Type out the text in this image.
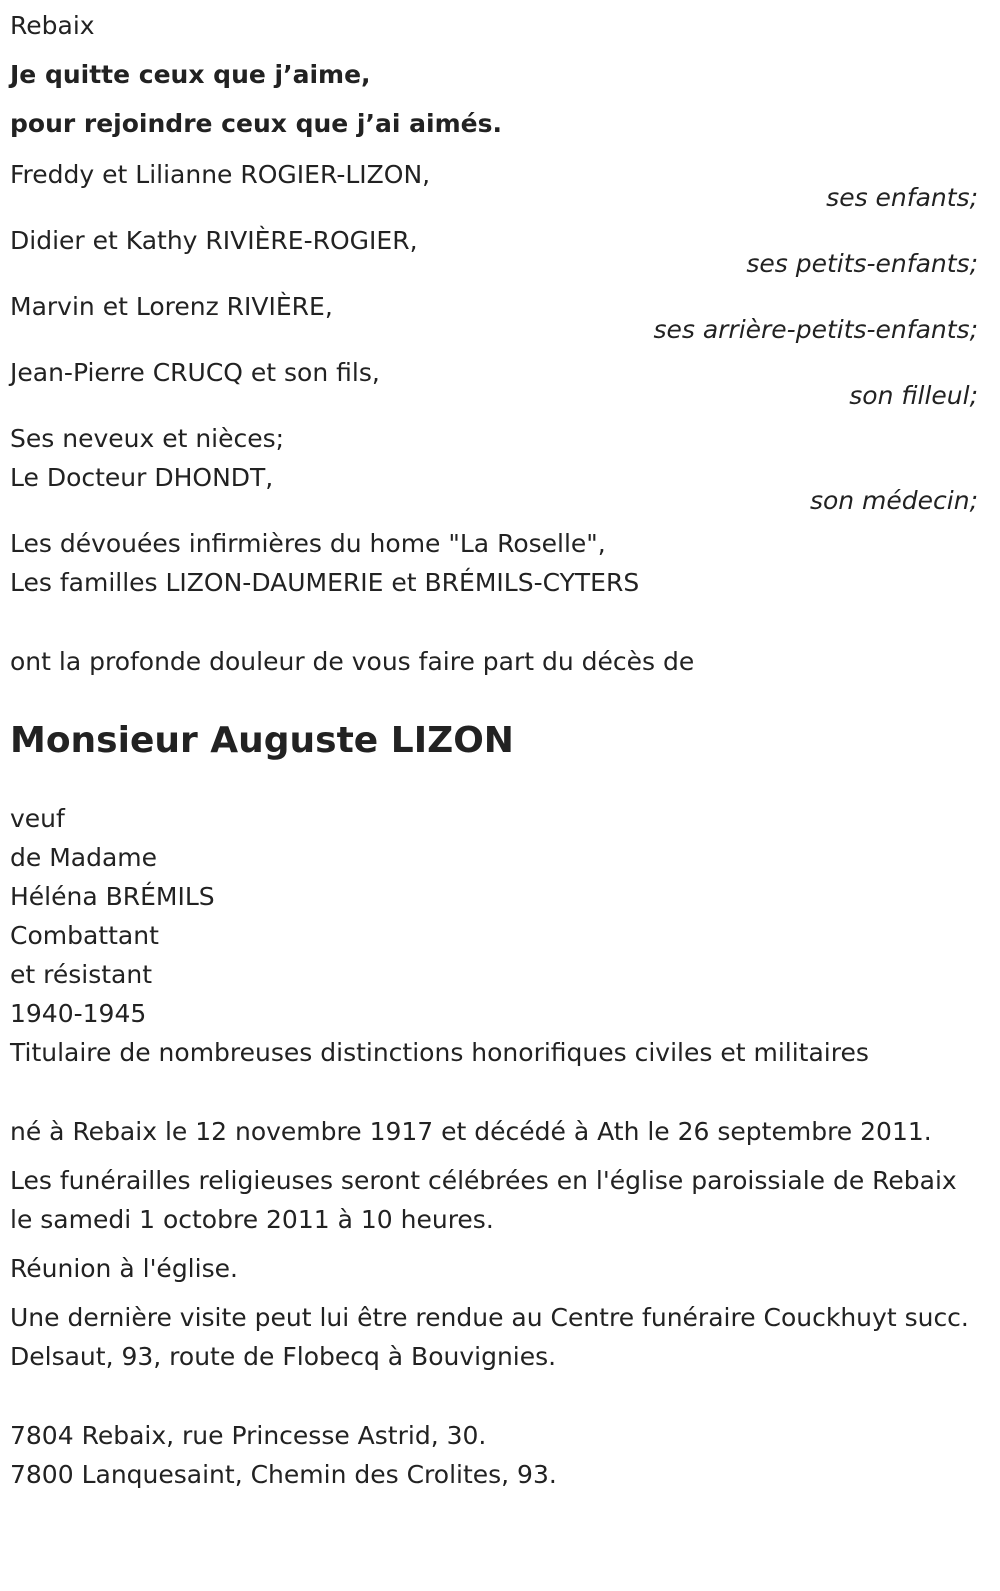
Rebaix
Je quitte ceux que j’aime,
pour rejoindre ceux que j’ai aimés.
Freddy et Lilianne ROGIER-LIZON,
ses enfants;
Didier et Kathy RIVIÈRE-ROGIER,
ses petits-enfants;
Marvin et Lorenz RIVIÈRE,
ses arrière-petits-enfants;
Jean-Pierre CRUCQ et son fils,
son filleul;
Ses neveux et nièces;
Le Docteur DHONDT,
son médecin;
Les dévouées infirmières du home "La Roselle",
Les familles LIZON-DAUMERIE et BRÉMILS-CYTERS
ont la profonde douleur de vous faire part du décès de
Monsieur Auguste LIZON
veuf
de Madame
Héléna BRÉMILS
Combattant
et résistant
1940-1945
Titulaire de nombreuses distinctions honorifiques civiles et militaires
né à Rebaix le 12 novembre 1917 et décédé à Ath le 26 septembre 2011.
Les funérailles religieuses seront célébrées en l'église paroissiale de Rebaix le samedi 1 octobre 2011 à 10 heures.
Réunion à l'église.
Une dernière visite peut lui être rendue au Centre funéraire Couckhuyt succ. Delsaut, 93, route de Flobecq à Bouvignies.
7804 Rebaix, rue Princesse Astrid, 30.
7800 Lanquesaint, Chemin des Crolites, 93.
